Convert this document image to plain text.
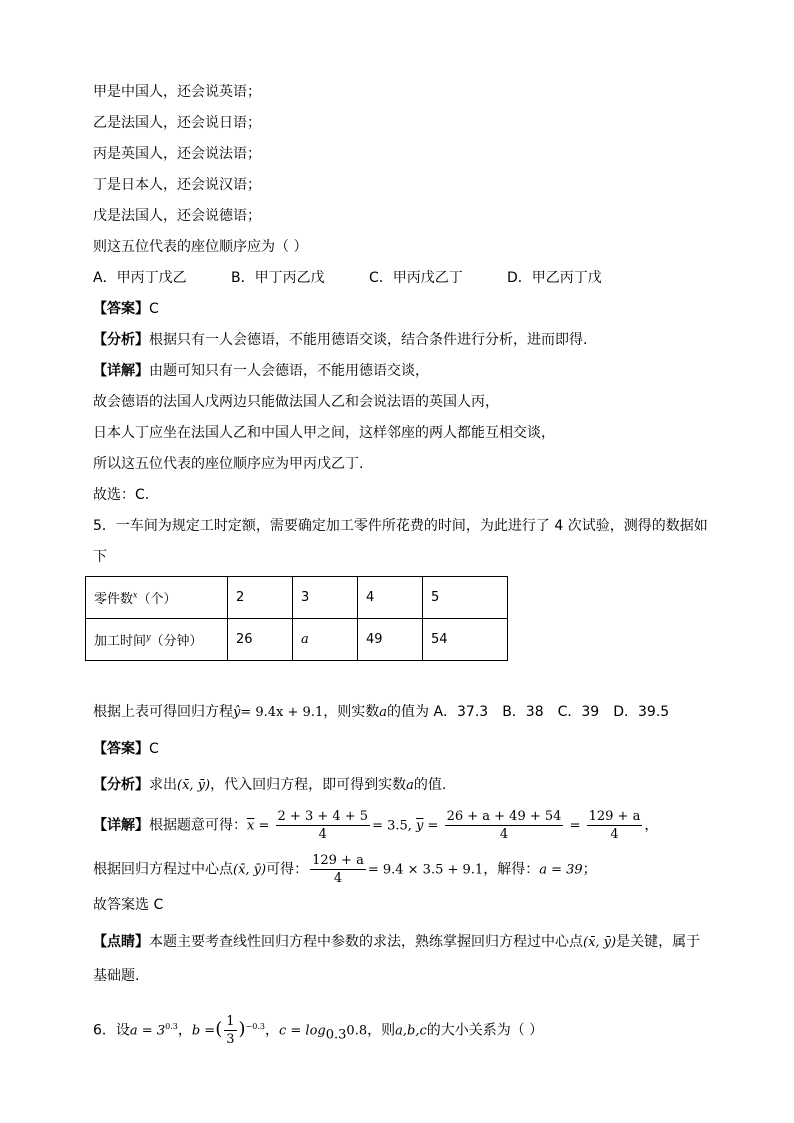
甲是中国人，还会说英语；
乙是法国人，还会说日语；
丙是英国人，还会说法语；
丁是日本人，还会说汉语；
戊是法国人，还会说德语；
则这五位代表的座位顺序应为（ ）
A．甲丙丁戊乙	B．甲丁丙乙戊	C．甲丙戊乙丁	D．甲乙丙丁戊
【答案】C
【分析】根据只有一人会德语，不能用德语交谈，结合条件进行分析，进而即得.
【详解】由题可知只有一人会德语，不能用德语交谈，
故会德语的法国人戊两边只能做法国人乙和会说法语的英国人丙，
日本人丁应坐在法国人乙和中国人甲之间，这样邻座的两人都能互相交谈，
所以这五位代表的座位顺序应为甲丙戊乙丁.
故选：C.
5．一车间为规定工时定额，需要确定加工零件所花费的时间，为此进行了 4 次试验，测得的数据如
下
零件数$^x$（个）	2	3	4	5
加工时间$^y$（分钟）	26	a	49	54
根据上表可得回归方程ŷ= 9.4x + 9.1，则实数a的值为 A．37.3 B．38 C．39 D．39.5
【答案】C
【分析】求出(x̄, ȳ)，代入回归方程，即可得到实数a的值.
【详解】根据题意可得：$\overline{x} = \frac{2 + 3 + 4 + 5}{4} = 3.5$, $\overline{y} = \frac{26 + a + 49 + 54}{4} = \frac{129 + a}{4}$ ，
根据回归方程过中心点(x̄, ȳ)可得： $\frac{129 + a}{4} = 9.4 \times 3.5 + 9.1$，解得：a = 39；
故答案选 C
【点睛】本题主要考查线性回归方程中参数的求法，熟练掌握回归方程过中心点(x̄, ȳ)是关键，属于
基础题.
6．设$a = 3^{0.3}$，b =( $\frac{1}{3} )^{-0.3}$，$c = \log_{0.3}0.8$，则a,b,c的大小关系为（ ）
